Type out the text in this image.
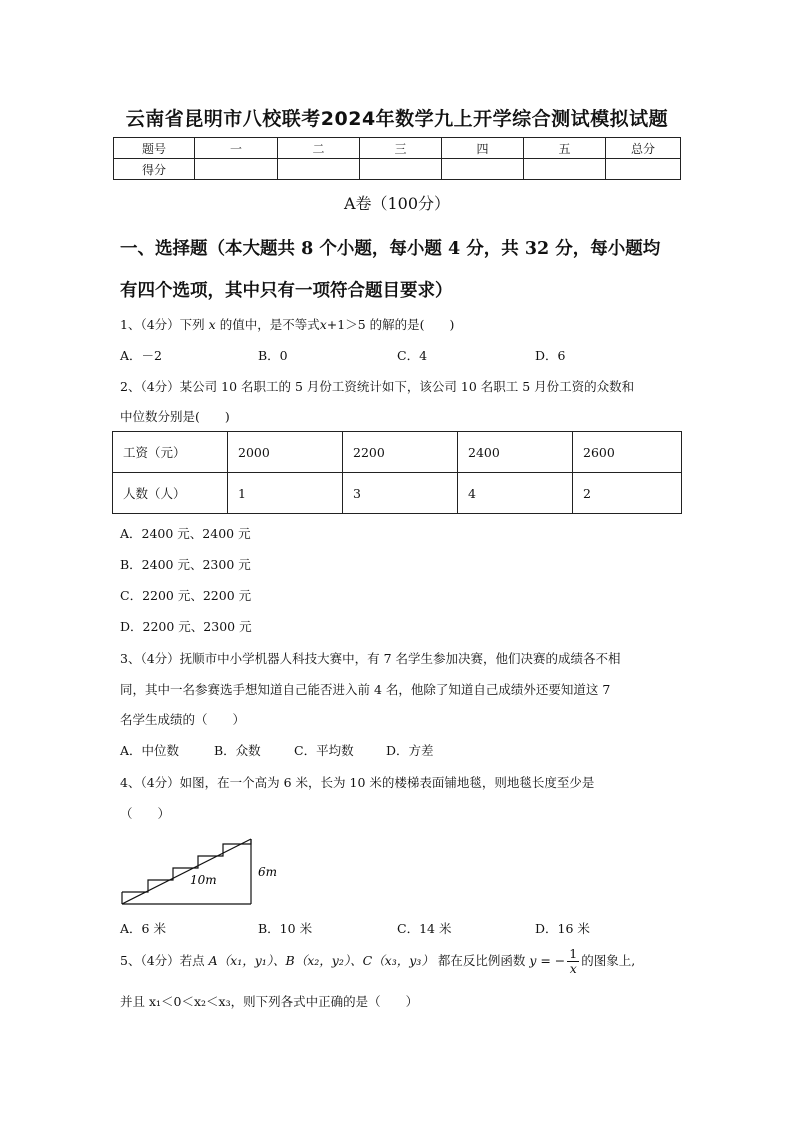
云南省昆明市八校联考2024年数学九上开学综合测试模拟试题
题号	一	二	三	四	五	总分
得分						
A卷（100分）
一、选择题（本大题共 8 个小题，每小题 4 分，共 32 分，每小题均
有四个选项，其中只有一项符合题目要求）
1、（4分）下列 x 的值中，是不等式x+1＞5 的解的是(　　)
A．－2	B．0	C．4	D．6
2、（4分）某公司 10 名职工的 5 月份工资统计如下，该公司 10 名职工 5 月份工资的众数和
中位数分别是(　　)
工资（元）	2000	2200	2400	2600
人数（人）	1	3	4	2
A．2400 元、2400 元
B．2400 元、2300 元
C．2200 元、2200 元
D．2200 元、2300 元
3、（4分）抚顺市中小学机器人科技大赛中，有 7 名学生参加决赛，他们决赛的成绩各不相
同，其中一名参赛选手想知道自己能否进入前 4 名，他除了知道自己成绩外还要知道这 7
名学生成绩的（　　）
A．中位数	B．众数	C．平均数	D．方差
4、（4分）如图，在一个高为 6 米，长为 10 米的楼梯表面铺地毯，则地毯长度至少是
（　　）
10m
6m
A．6 米	B．10 米	C．14 米	D．16 米
5、（4分）若点 A（x₁，y₁）、B（x₂，y₂）、C（x₃，y₃） 都在反比例函数 y = − $\frac{1}{x}$ 的图象上,
并且 x₁＜0＜x₂＜x₃，则下列各式中正确的是（　　）
